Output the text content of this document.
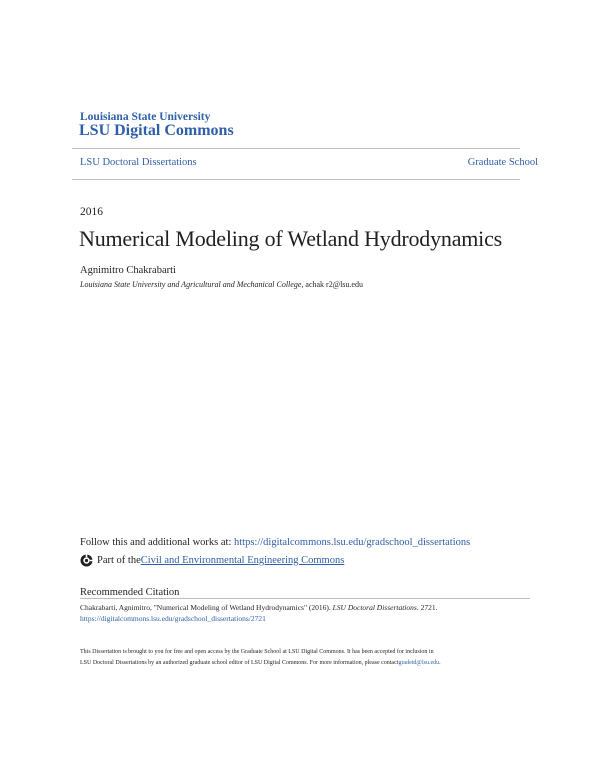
Louisiana State University
LSU Digital Commons
LSU Doctoral Dissertations	Graduate School
2016
Numerical Modeling of Wetland Hydrodynamics
Agnimitro Chakrabarti
Louisiana State University and Agricultural and Mechanical College, achak r2@lsu.edu
Follow this and additional works at: https://digitalcommons.lsu.edu/gradschool_dissertations
Part of the Civil and Environmental Engineering Commons
Recommended Citation
Chakrabarti, Agnimitro, "Numerical Modeling of Wetland Hydrodynamics" (2016). LSU Doctoral Dissertations. 2721.
https://digitalcommons.lsu.edu/gradschool_dissertations/2721
This Dissertation is brought to you for free and open access by the Graduate School at LSU Digital Commons. It has been accepted for inclusion in
LSU Doctoral Dissertations by an authorized graduate school editor of LSU Digital Commons. For more information, please contactgradetd@lsu.edu.
